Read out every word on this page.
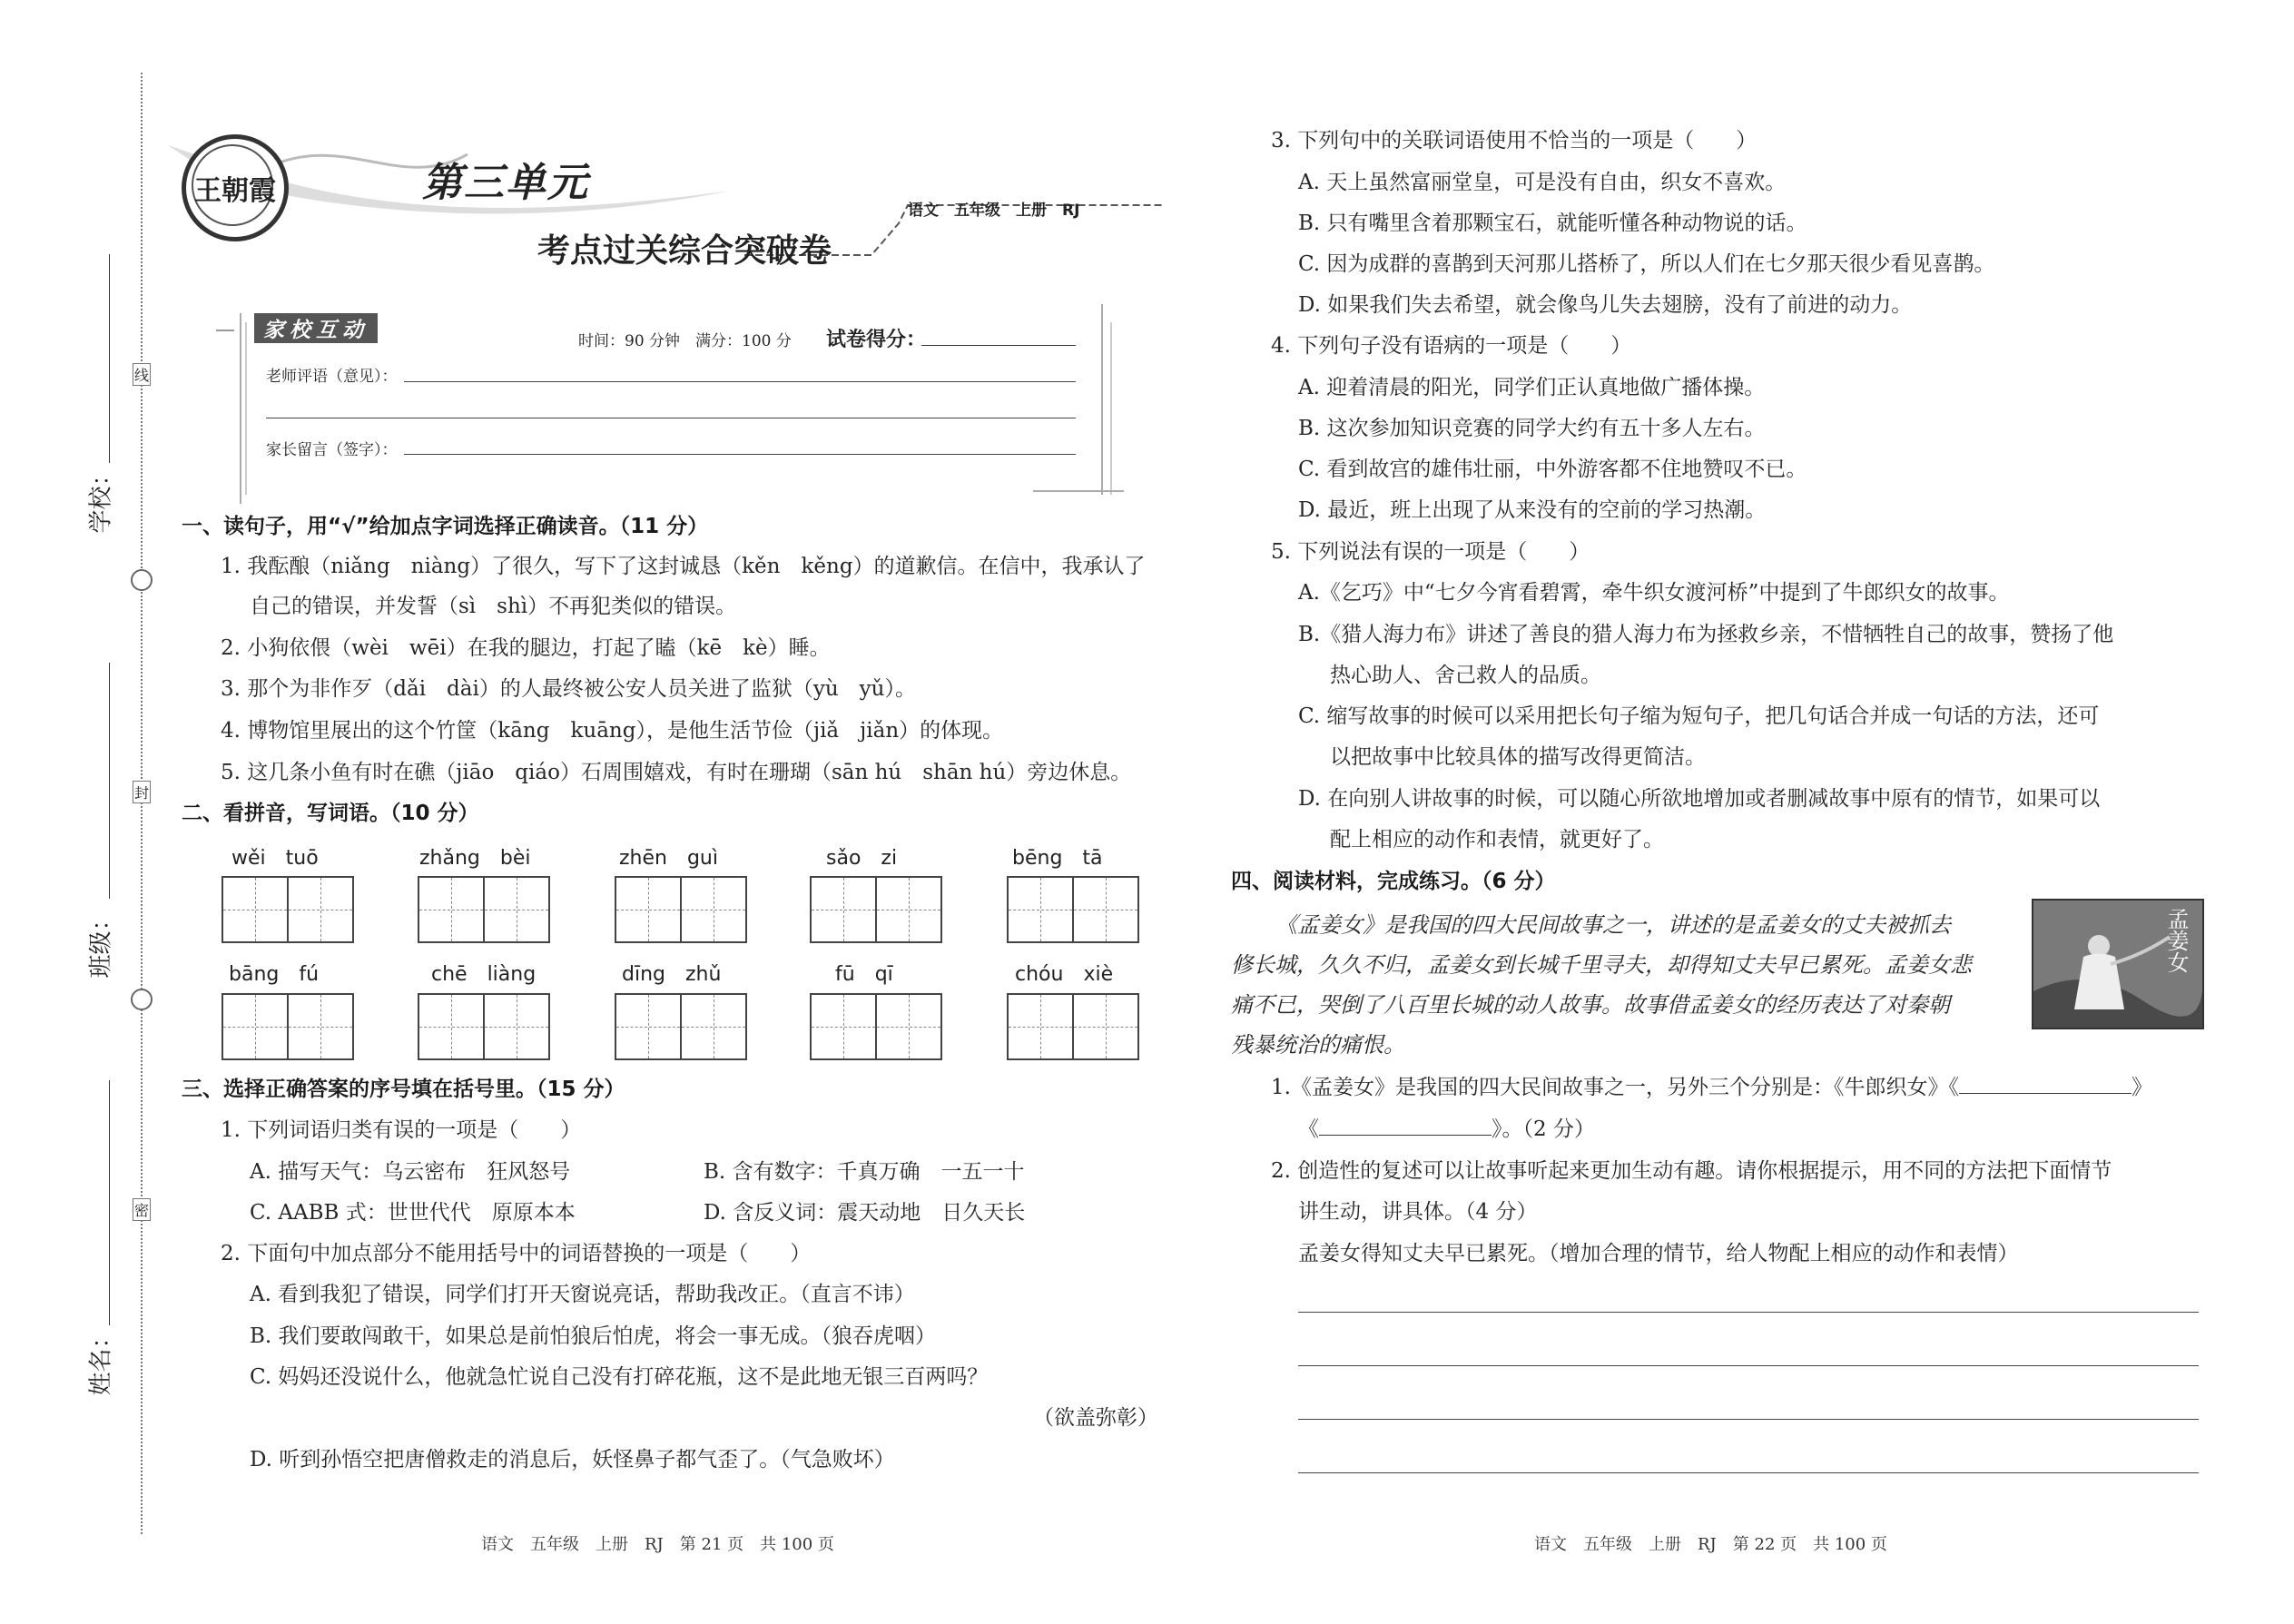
线
封
密
学校：
班级：
姓名：
王朝霞	第三单元
语文　五年级　上册　RJ
考点过关综合突破卷
家校互动	时间：90 分钟　满分：100 分 试卷得分：
老师评语（意见）：
家长留言（签字）：
一、读句子，用“√”给加点字词选择正确读音。（11 分）
1. 我酝酿（niǎng　niàng）了很久，写下了这封诚恳（kěn　kěng）的道歉信。在信中，我承认了
自己的错误，并发誓（sì　shì）不再犯类似的错误。
2. 小狗依偎（wèi　wēi）在我的腿边，打起了瞌（kē　kè）睡。
3. 那个为非作歹（dǎi　dài）的人最终被公安人员关进了监狱（yù　yǔ）。
4. 博物馆里展出的这个竹筐（kāng　kuāng），是他生活节俭（jiǎ　jiǎn）的体现。
5. 这几条小鱼有时在礁（jiāo　qiáo）石周围嬉戏，有时在珊瑚（sān hú　shān hú）旁边休息。
二、看拼音，写词语。（10 分）
wěi　tuō	zhǎng　bèi	zhēn　guì	sǎo　zi	bēng　tā
bāng　fú	chē　liàng	dīng　zhǔ	fū　qī	chóu　xiè
三、选择正确答案的序号填在括号里。（15 分）
1. 下列词语归类有误的一项是（　　）
A. 描写天气：乌云密布　狂风怒号	B. 含有数字：千真万确　一五一十
C. AABB 式：世世代代　原原本本	D. 含反义词：震天动地　日久天长
2. 下面句中加点部分不能用括号中的词语替换的一项是（　　）
A. 看到我犯了错误，同学们打开天窗说亮话，帮助我改正。（直言不讳）
B. 我们要敢闯敢干，如果总是前怕狼后怕虎，将会一事无成。（狼吞虎咽）
C. 妈妈还没说什么，他就急忙说自己没有打碎花瓶，这不是此地无银三百两吗？
（欲盖弥彰）
D. 听到孙悟空把唐僧救走的消息后，妖怪鼻子都气歪了。（气急败坏）
3. 下列句中的关联词语使用不恰当的一项是（　　）
A. 天上虽然富丽堂皇，可是没有自由，织女不喜欢。
B. 只有嘴里含着那颗宝石，就能听懂各种动物说的话。
C. 因为成群的喜鹊到天河那儿搭桥了，所以人们在七夕那天很少看见喜鹊。
D. 如果我们失去希望，就会像鸟儿失去翅膀，没有了前进的动力。
4. 下列句子没有语病的一项是（　　）
A. 迎着清晨的阳光，同学们正认真地做广播体操。
B. 这次参加知识竞赛的同学大约有五十多人左右。
C. 看到故宫的雄伟壮丽，中外游客都不住地赞叹不已。
D. 最近，班上出现了从来没有的空前的学习热潮。
5. 下列说法有误的一项是（　　）
A.《乞巧》中“七夕今宵看碧霄，牵牛织女渡河桥”中提到了牛郎织女的故事。
B.《猎人海力布》讲述了善良的猎人海力布为拯救乡亲，不惜牺牲自己的故事，赞扬了他
热心助人、舍己救人的品质。
C. 缩写故事的时候可以采用把长句子缩为短句子，把几句话合并成一句话的方法，还可
以把故事中比较具体的描写改得更简洁。
D. 在向别人讲故事的时候，可以随心所欲地增加或者删减故事中原有的情节，如果可以
配上相应的动作和表情，就更好了。
四、阅读材料，完成练习。（6 分）
《孟姜女》是我国的四大民间故事之一，讲述的是孟姜女的丈夫被抓去
修长城，久久不归，孟姜女到长城千里寻夫，却得知丈夫早已累死。孟姜女悲
痛不已，哭倒了八百里长城的动人故事。故事借孟姜女的经历表达了对秦朝
残暴统治的痛恨。
孟姜女
1.《孟姜女》是我国的四大民间故事之一，另外三个分别是：《牛郎织女》《	》
《	》。（2 分）
2. 创造性的复述可以让故事听起来更加生动有趣。请你根据提示，用不同的方法把下面情节
讲生动，讲具体。（4 分）
孟姜女得知丈夫早已累死。（增加合理的情节，给人物配上相应的动作和表情）
语文　五年级　上册　RJ　第 21 页　共 100 页	语文　五年级　上册　RJ　第 22 页　共 100 页
